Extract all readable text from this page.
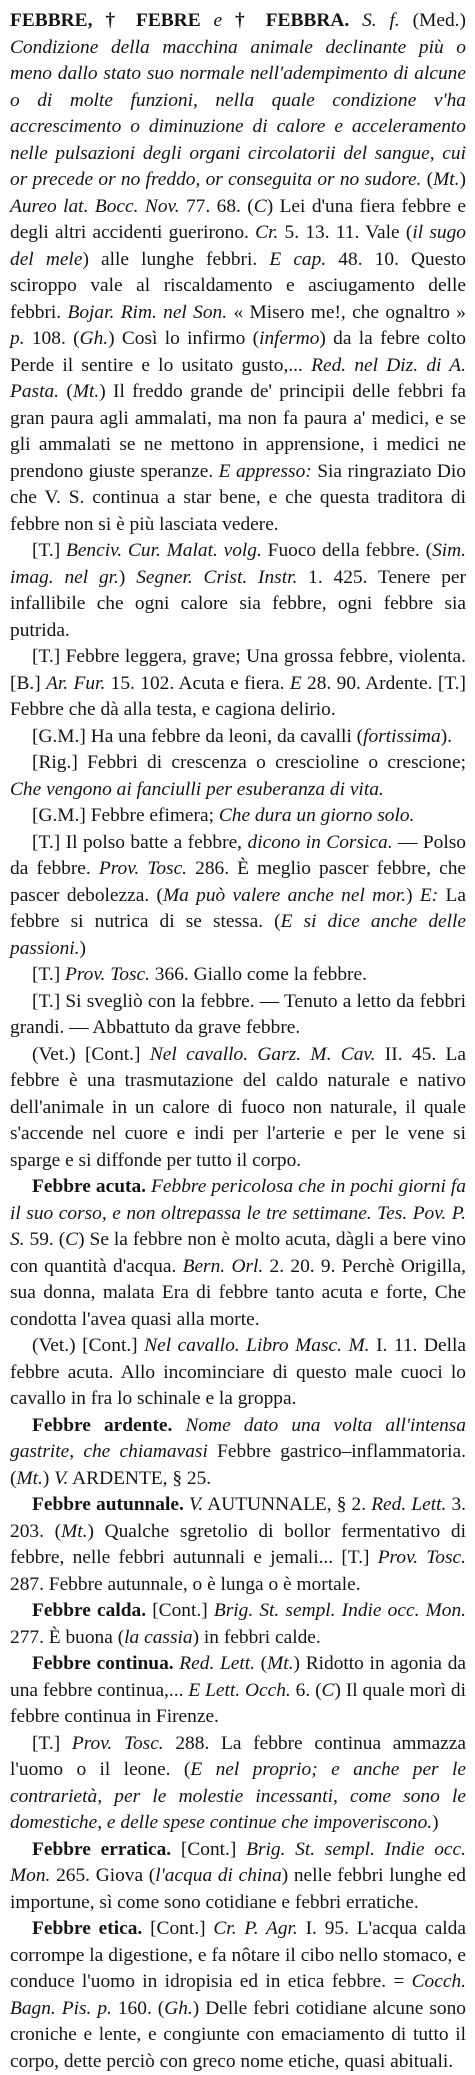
FEBBRE, † FEBRE e † FEBBRA. S. f. (Med.) Condizione della macchina animale declinante più o meno dallo stato suo normale nell'adempimento di alcune o di molte funzioni, nella quale condizione v'ha accrescimento o diminuzione di calore e acceleramento nelle pulsazioni degli organi circolatorii del sangue, cui or precede or no freddo, or conseguita or no sudore. (Mt.) Aureo lat. Bocc. Nov. 77. 68. (C) Lei d'una fiera febbre e degli altri accidenti guerirono. Cr. 5. 13. 11. Vale (il sugo del mele) alle lunghe febbri. E cap. 48. 10. Questo sciroppo vale al riscaldamento e asciugamento delle febbri. Bojar. Rim. nel Son. « Misero me!, che ognaltro » p. 108. (Gh.) Così lo infirmo (infermo) da la febre colto Perde il sentire e lo usitato gusto,... Red. nel Diz. di A. Pasta. (Mt.) Il freddo grande de' principii delle febbri fa gran paura agli ammalati, ma non fa paura a' medici, e se gli ammalati se ne mettono in apprensione, i medici ne prendono giuste speranze. E appresso: Sia ringraziato Dio che V. S. continua a star bene, e che questa traditora di febbre non si è più lasciata vedere.

[T.] Benciv. Cur. Malat. volg. Fuoco della febbre. (Sim. imag. nel gr.) Segner. Crist. Instr. 1. 425. Tenere per infallibile che ogni calore sia febbre, ogni febbre sia putrida.

[T.] Febbre leggera, grave; Una grossa febbre, violenta. [B.] Ar. Fur. 15. 102. Acuta e fiera. E 28. 90. Ardente. [T.] Febbre che dà alla testa, e cagiona delirio.

[G.M.] Ha una febbre da leoni, da cavalli (fortissima).

[Rig.] Febbri di crescenza o crescioline o crescione; Che vengono ai fanciulli per esuberanza di vita.

[G.M.] Febbre efimera; Che dura un giorno solo.

[T.] Il polso batte a febbre, dicono in Corsica. — Polso da febbre. Prov. Tosc. 286. È meglio pascer febbre, che pascer debolezza. (Ma può valere anche nel mor.) E: La febbre si nutrica di se stessa. (E si dice anche delle passioni.)

[T.] Prov. Tosc. 366. Giallo come la febbre.

[T.] Si svegliò con la febbre. — Tenuto a letto da febbri grandi. — Abbattuto da grave febbre.

(Vet.) [Cont.] Nel cavallo. Garz. M. Cav. II. 45. La febbre è una trasmutazione del caldo naturale e nativo dell'animale in un calore di fuoco non naturale, il quale s'accende nel cuore e indi per l'arterie e per le vene si sparge e si diffonde per tutto il corpo.

Febbre acuta. Febbre pericolosa che in pochi giorni fa il suo corso, e non oltrepassa le tre settimane. Tes. Pov. P. S. 59. (C) Se la febbre non è molto acuta, dàgli a bere vino con quantità d'acqua. Bern. Orl. 2. 20. 9. Perchè Origilla, sua donna, malata Era di febbre tanto acuta e forte, Che condotta l'avea quasi alla morte.

(Vet.) [Cont.] Nel cavallo. Libro Masc. M. I. 11. Della febbre acuta. Allo incominciare di questo male cuoci lo cavallo in fra lo schinale e la groppa.

Febbre ardente. Nome dato una volta all'intensa gastrite, che chiamavasi Febbre gastrico–inflammatoria. (Mt.) V. ARDENTE, § 25.

Febbre autunnale. V. AUTUNNALE, § 2. Red. Lett. 3. 203. (Mt.) Qualche sgretolio di bollor fermentativo di febbre, nelle febbri autunnali e jemali... [T.] Prov. Tosc. 287. Febbre autunnale, o è lunga o è mortale.

Febbre calda. [Cont.] Brig. St. sempl. Indie occ. Mon. 277. È buona (la cassia) in febbri calde.

Febbre continua. Red. Lett. (Mt.) Ridotto in agonia da una febbre continua,... E Lett. Occh. 6. (C) Il quale morì di febbre continua in Firenze.

[T.] Prov. Tosc. 288. La febbre continua ammazza l'uomo o il leone. (E nel proprio; e anche per le contrarietà, per le molestie incessanti, come sono le domestiche, e delle spese continue che impoveriscono.)

Febbre erratica. [Cont.] Brig. St. sempl. Indie occ. Mon. 265. Giova (l'acqua di china) nelle febbri lunghe ed importune, sì come sono cotidiane e febbri erratiche.

Febbre etica. [Cont.] Cr. P. Agr. I. 95. L'acqua calda corrompe la digestione, e fa nôtare il cibo nello stomaco, e conduce l'uomo in idropisia ed in etica febbre. = Cocch. Bagn. Pis. p. 160. (Gh.) Delle febri cotidiane alcune sono croniche e lente, e congiunte con emaciamento di tutto il corpo, dette perciò con greco nome etiche, quasi abituali.
